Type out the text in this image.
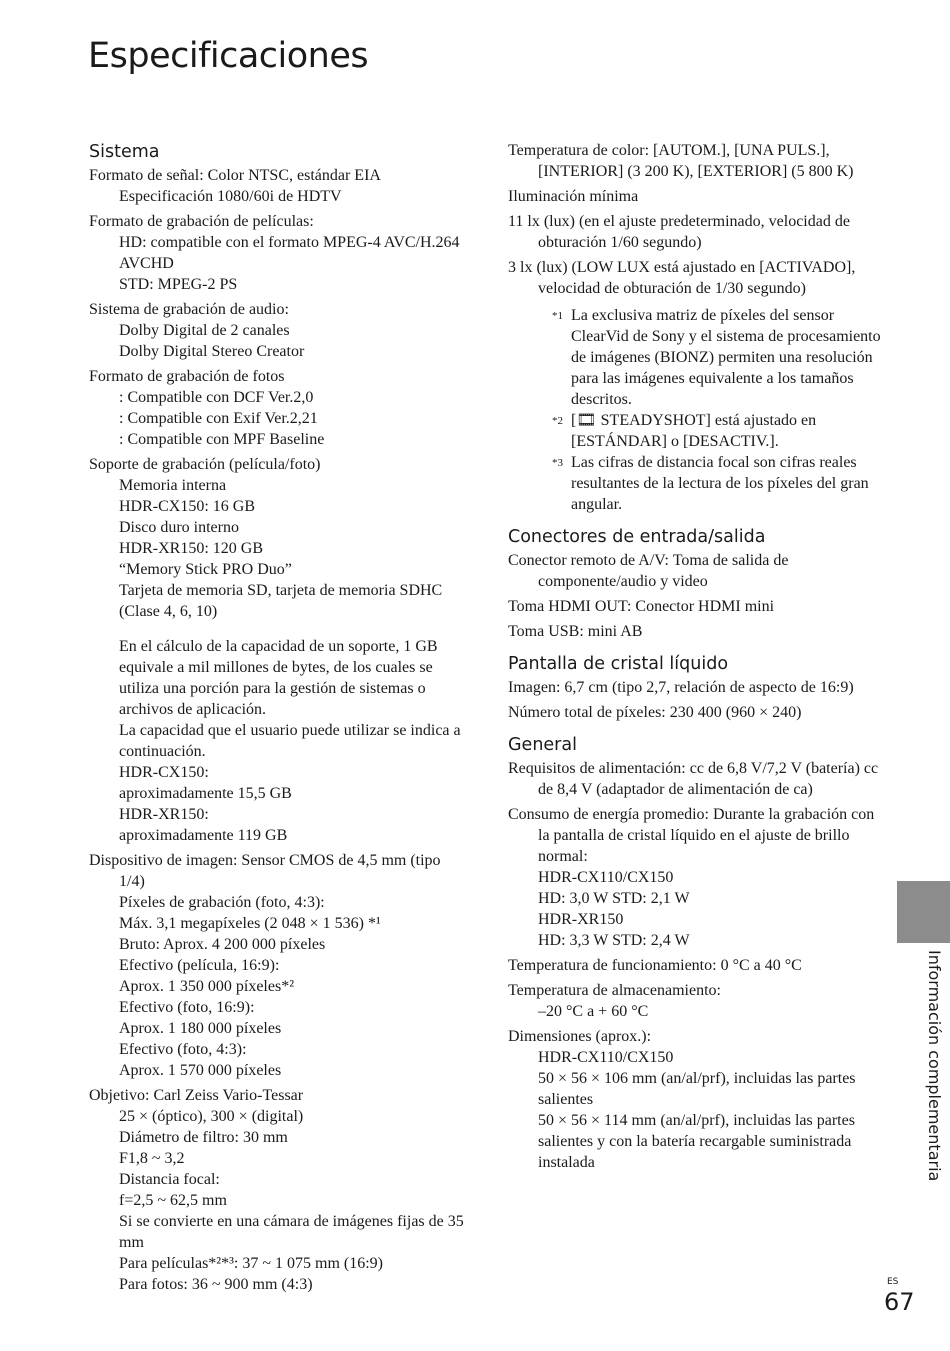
Especificaciones
Sistema
Formato de señal: Color NTSC, estándar EIA
Especificación 1080/60i de HDTV
Formato de grabación de películas:
HD: compatible con el formato MPEG-4 AVC/H.264 AVCHD
STD: MPEG-2 PS
Sistema de grabación de audio:
Dolby Digital de 2 canales
Dolby Digital Stereo Creator
Formato de grabación de fotos
: Compatible con DCF Ver.2,0
: Compatible con Exif Ver.2,21
: Compatible con MPF Baseline
Soporte de grabación (película/foto)
Memoria interna
HDR-CX150: 16 GB
Disco duro interno
HDR-XR150: 120 GB
“Memory Stick PRO Duo”
Tarjeta de memoria SD, tarjeta de memoria SDHC (Clase 4, 6, 10)
En el cálculo de la capacidad de un soporte, 1 GB equivale a mil millones de bytes, de los cuales se utiliza una porción para la gestión de sistemas o archivos de aplicación.
La capacidad que el usuario puede utilizar se indica a continuación.
HDR-CX150:
aproximadamente 15,5 GB
HDR-XR150:
aproximadamente 119 GB
Dispositivo de imagen: Sensor CMOS de 4,5 mm (tipo 1/4)
Píxeles de grabación (foto, 4:3):
Máx. 3,1 megapíxeles (2 048 × 1 536) *¹
Bruto: Aprox. 4 200 000 píxeles
Efectivo (película, 16:9):
Aprox. 1 350 000 píxeles*²
Efectivo (foto, 16:9):
Aprox. 1 180 000 píxeles
Efectivo (foto, 4:3):
Aprox. 1 570 000 píxeles
Objetivo: Carl Zeiss Vario-Tessar
25 × (óptico), 300 × (digital)
Diámetro de filtro: 30 mm
F1,8 ~ 3,2
Distancia focal:
f=2,5 ~ 62,5 mm
Si se convierte en una cámara de imágenes fijas de 35 mm
Para películas*²*³: 37 ~ 1 075 mm (16:9)
Para fotos: 36 ~ 900 mm (4:3)
Temperatura de color: [AUTOM.], [UNA PULS.], [INTERIOR] (3 200 K), [EXTERIOR] (5 800 K)
Iluminación mínima
11 lx (lux) (en el ajuste predeterminado, velocidad de obturación 1/60 segundo)
3 lx (lux) (LOW LUX está ajustado en [ACTIVADO], velocidad de obturación de 1/30 segundo)
*1 La exclusiva matriz de píxeles del sensor ClearVid de Sony y el sistema de procesamiento de imágenes (BIONZ) permiten una resolución para las imágenes equivalente a los tamaños descritos.
*2 [🎞 STEADYSHOT] está ajustado en [ESTÁNDAR] o [DESACTIV.].
*3 Las cifras de distancia focal son cifras reales resultantes de la lectura de los píxeles del gran angular.
Conectores de entrada/salida
Conector remoto de A/V: Toma de salida de componente/audio y video
Toma HDMI OUT: Conector HDMI mini
Toma USB: mini AB
Pantalla de cristal líquido
Imagen: 6,7 cm (tipo 2,7, relación de aspecto de 16:9)
Número total de píxeles: 230 400 (960 × 240)
General
Requisitos de alimentación: cc de 6,8 V/7,2 V (batería) cc de 8,4 V (adaptador de alimentación de ca)
Consumo de energía promedio: Durante la grabación con la pantalla de cristal líquido en el ajuste de brillo normal:
HDR-CX110/CX150
HD: 3,0 W STD: 2,1 W
HDR-XR150
HD: 3,3 W STD: 2,4 W
Temperatura de funcionamiento: 0 °C a 40 °C
Temperatura de almacenamiento:
–20 °C a + 60 °C
Dimensiones (aprox.):
HDR-CX110/CX150
50 × 56 × 106 mm (an/al/prf), incluidas las partes salientes
50 × 56 × 114 mm (an/al/prf), incluidas las partes salientes y con la batería recargable suministrada instalada	Información complementaria
ES
67
